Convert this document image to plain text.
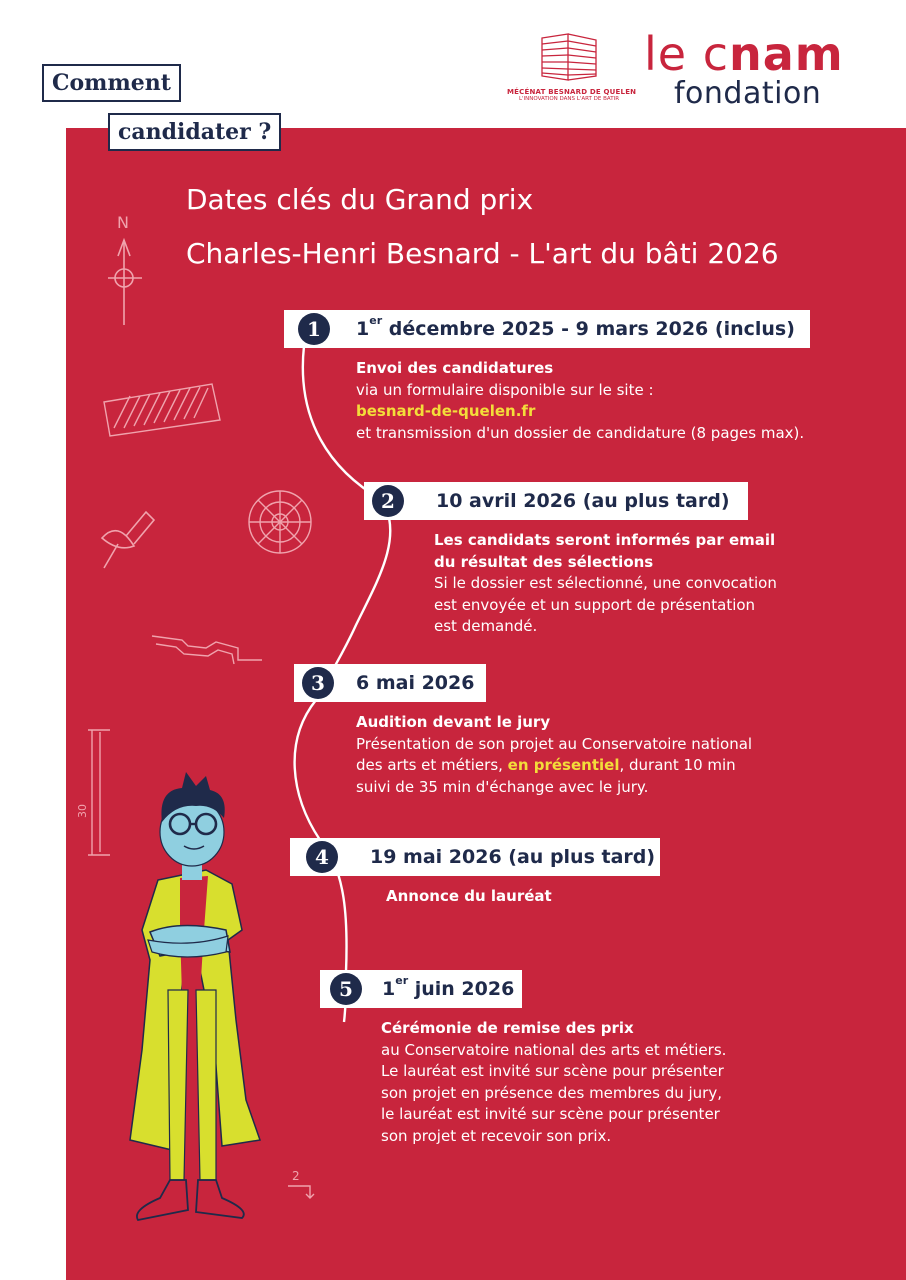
Comment
candidater ?
MÉCÉNAT BESNARD DE QUELEN
L'INNOVATION DANS L'ART DE BATIR
le cnam
fondation
N
30
2
Dates clés du Grand prix
Charles-Henri Besnard - L'art du bâti 2026
1	1er décembre 2025 - 9 mars 2026 (inclus)
Envoi des candidatures
via un formulaire disponible sur le site :
besnard-de-quelen.fr
et transmission d'un dossier de candidature (8 pages max).
2	10 avril 2026 (au plus tard)
Les candidats seront informés par email
du résultat des sélections
Si le dossier est sélectionné, une convocation
est envoyée et un support de présentation
est demandé.
3	6 mai 2026
Audition devant le jury
Présentation de son projet au Conservatoire national
des arts et métiers, en présentiel, durant 10 min
suivi de 35 min d'échange avec le jury.
4	19 mai 2026 (au plus tard)
Annonce du lauréat
5	1er juin 2026
Cérémonie de remise des prix
au Conservatoire national des arts et métiers.
Le lauréat est invité sur scène pour présenter
son projet en présence des membres du jury,
le lauréat est invité sur scène pour présenter
son projet et recevoir son prix.
